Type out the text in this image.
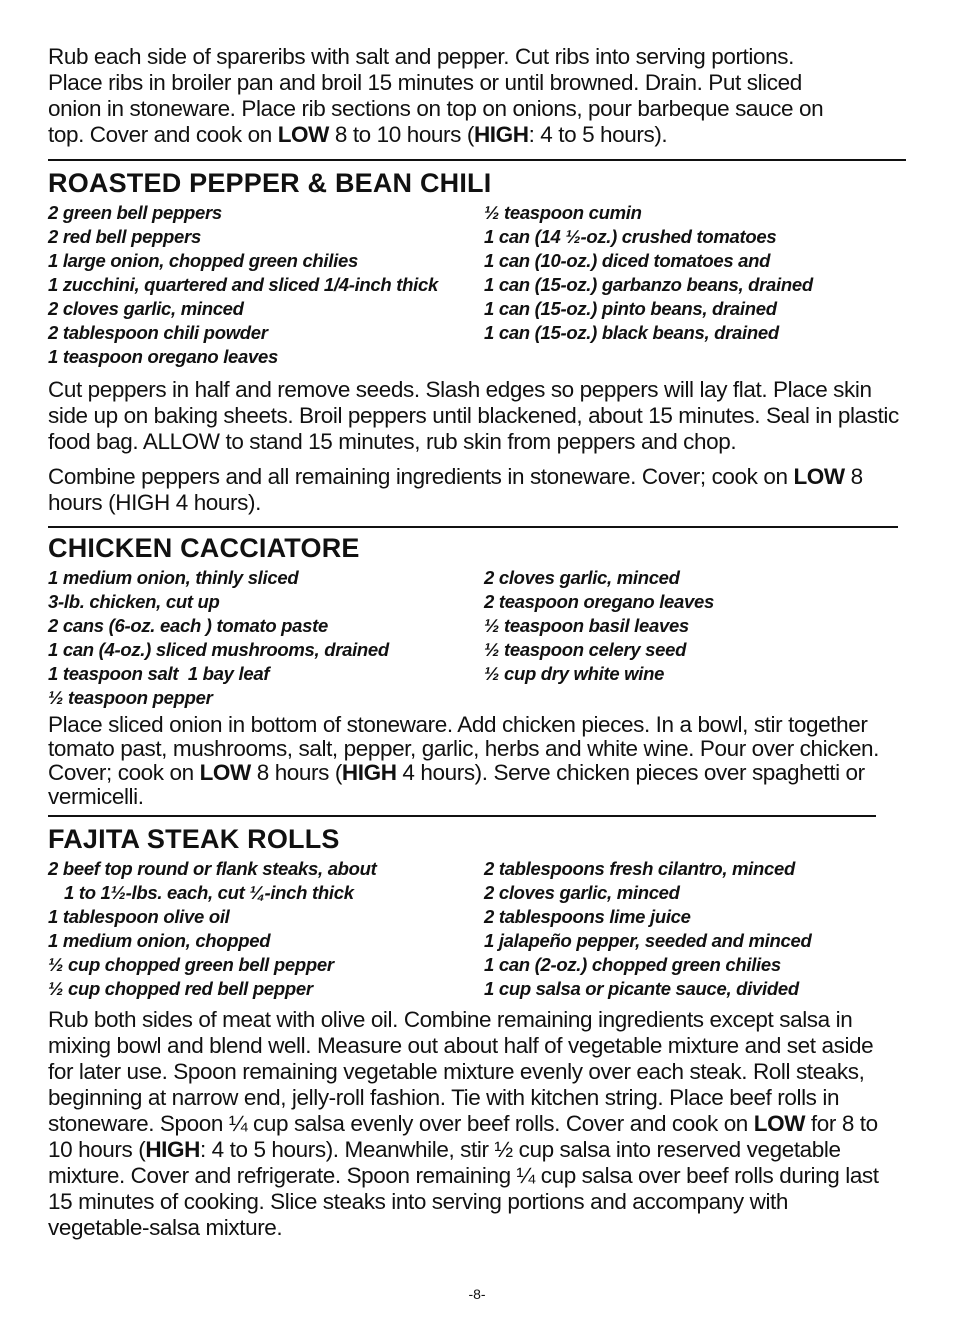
Rub each side of spareribs with salt and pepper. Cut ribs into serving portions. Place ribs in broiler pan and broil 15 minutes or until browned. Drain. Put sliced onion in stoneware. Place rib sections on top on onions, pour barbeque sauce on top. Cover and cook on LOW 8 to 10 hours (HIGH: 4 to 5 hours).

ROASTED PEPPER & BEAN CHILI
2 green bell peppers
2 red bell peppers
1 large onion, chopped green chilies
1 zucchini, quartered and sliced 1/4-inch thick
2 cloves garlic, minced
2 tablespoon chili powder
1 teaspoon oregano leaves
½ teaspoon cumin
1 can (14 ½-oz.) crushed tomatoes
1 can (10-oz.) diced tomatoes and
1 can (15-oz.) garbanzo beans, drained
1 can (15-oz.) pinto beans, drained
1 can (15-oz.) black beans, drained

Cut peppers in half and remove seeds. Slash edges so peppers will lay flat. Place skin side up on baking sheets. Broil peppers until blackened, about 15 minutes. Seal in plastic food bag. ALLOW to stand 15 minutes, rub skin from peppers and chop.

Combine peppers and all remaining ingredients in stoneware. Cover; cook on LOW 8 hours (HIGH 4 hours).

CHICKEN CACCIATORE
1 medium onion, thinly sliced
3-lb. chicken, cut up
2 cans (6-oz. each ) tomato paste
1 can (4-oz.) sliced mushrooms, drained
1 teaspoon salt  1 bay leaf
½ teaspoon pepper
2 cloves garlic, minced
2 teaspoon oregano leaves
½ teaspoon basil leaves
½ teaspoon celery seed
½ cup dry white wine

Place sliced onion in bottom of stoneware. Add chicken pieces. In a bowl, stir together tomato past, mushrooms, salt, pepper, garlic, herbs and white wine. Pour over chicken. Cover; cook on LOW 8 hours (HIGH 4 hours). Serve chicken pieces over spaghetti or vermicelli.

FAJITA STEAK ROLLS
2 beef top round or flank steaks, about
1 to 1½-lbs. each, cut ¼-inch thick
1 tablespoon olive oil
1 medium onion, chopped
½ cup chopped green bell pepper
½ cup chopped red bell pepper
2 tablespoons fresh cilantro, minced
2 cloves garlic, minced
2 tablespoons lime juice
1 jalapeño pepper, seeded and minced
1 can (2-oz.) chopped green chilies
1 cup salsa or picante sauce, divided

Rub both sides of meat with olive oil. Combine remaining ingredients except salsa in mixing bowl and blend well. Measure out about half of vegetable mixture and set aside for later use. Spoon remaining vegetable mixture evenly over each steak. Roll steaks, beginning at narrow end, jelly-roll fashion. Tie with kitchen string. Place beef rolls in stoneware. Spoon ¼ cup salsa evenly over beef rolls. Cover and cook on LOW for 8 to 10 hours (HIGH: 4 to 5 hours). Meanwhile, stir ½ cup salsa into reserved vegetable mixture. Cover and refrigerate. Spoon remaining ¼ cup salsa over beef rolls during last 15 minutes of cooking. Slice steaks into serving portions and accompany with vegetable-salsa mixture.

-8-
